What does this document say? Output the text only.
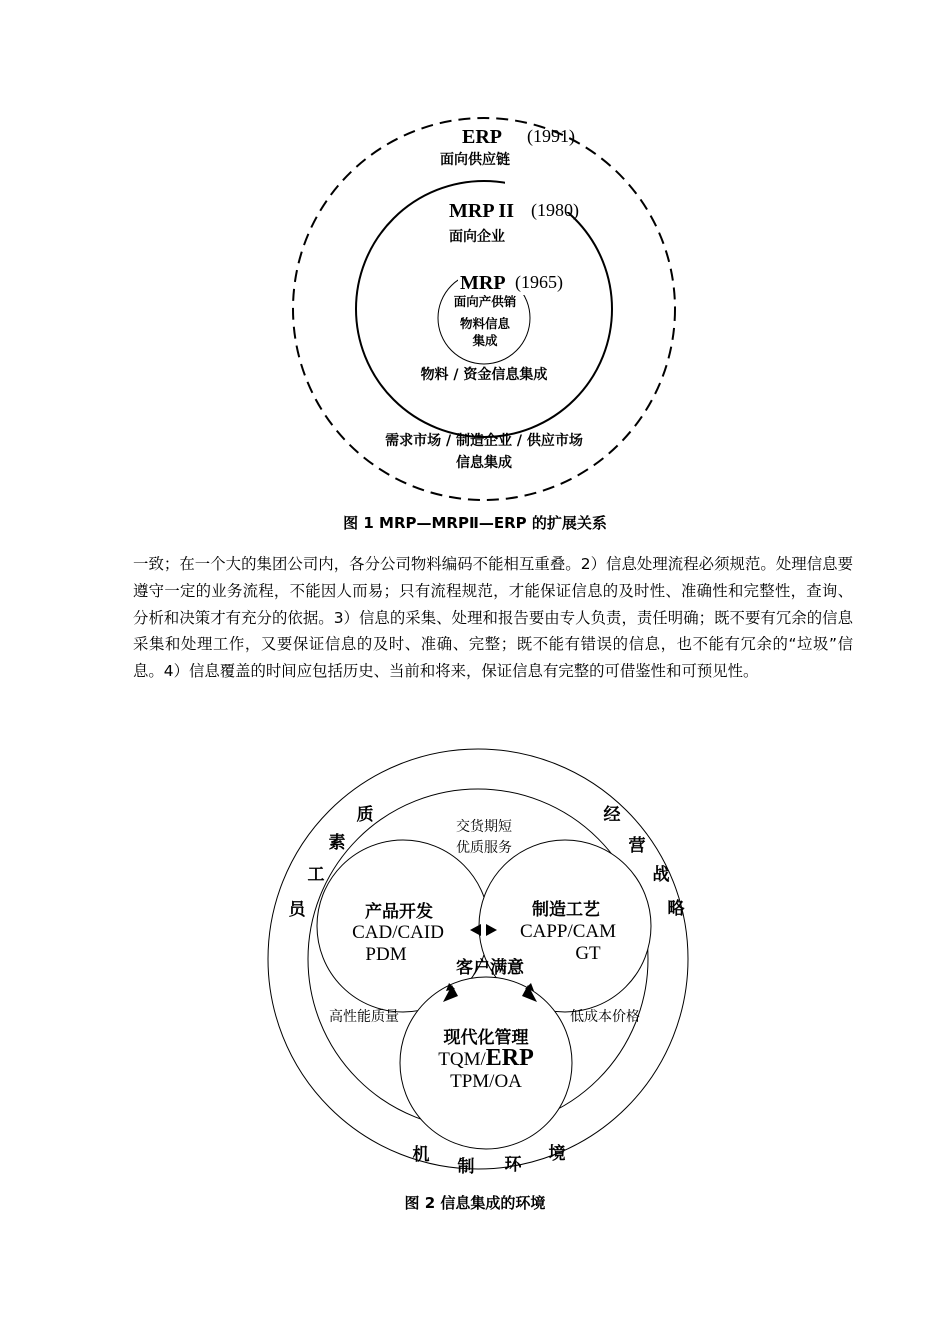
ERP (1991)
面向供应链
MRP II (1980)
面向企业
MRP (1965)
面向产供销
物料信息
集成
物料 / 资金信息集成
需求市场 / 制造企业 / 供应市场
信息集成
图 1 MRP—MRPⅡ—ERP 的扩展关系

一致；在一个大的集团公司内，各分公司物料编码不能相互重叠。2）信息处理流程必须规范。处理信息要遵守一定的业务流程，不能因人而易；只有流程规范，才能保证信息的及时性、准确性和完整性，查询、分析和决策才有充分的依据。3）信息的采集、处理和报告要由专人负责，责任明确；既不要有冗余的信息采集和处理工作，又要保证信息的及时、准确、完整；既不能有错误的信息，也不能有冗余的“垃圾”信息。4）信息覆盖的时间应包括历史、当前和将来，保证信息有完整的可借鉴性和可预见性。

员
工
素
质	经
营
战
略
机
制 环
境
交货期短
优质服务
高性能质量	低成本价格
产品开发
CAD/CAID
PDM
制造工艺
CAPP/CAM
GT
客户满意
现代化管理
TQM/ERP
TPM/OA
图 2 信息集成的环境
